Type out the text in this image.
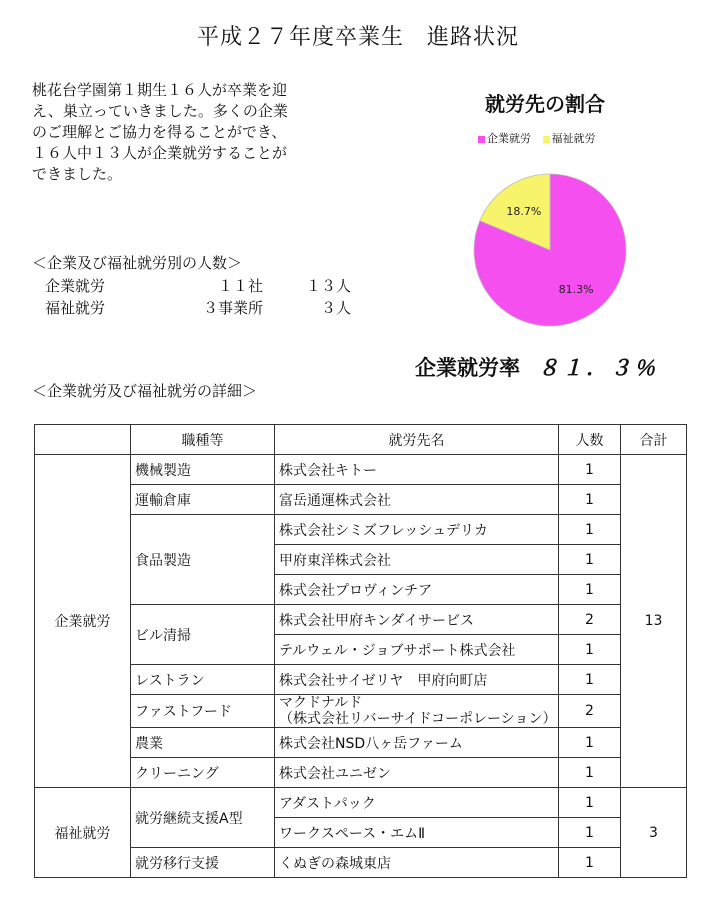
平成２７年度卒業生　進路状況
桃花台学園第１期生１６人が卒業を迎
え、巣立っていきました。多くの企業
のご理解とご協力を得ることができ、
１６人中１３人が企業就労することが
できました。
＜企業及び福祉就労別の人数＞
企業就労	１１社	１３人
福祉就労	３事業所	３人
就労先の割合
企業就労 福祉就労
81.3%
18.7%
企業就労率 ８１．３％
＜企業就労及び福祉就労の詳細＞
	職種等	就労先名	人数	合計
企業就労	機械製造	株式会社キトー	1	13
	運輸倉庫	富岳通運株式会社	1	
	食品製造	株式会社シミズフレッシュデリカ	1	
		甲府東洋株式会社	1	
		株式会社プロヴィンチア	1	
	ビル清掃	株式会社甲府キンダイサービス	2	
		テルウェル・ジョブサポート株式会社	1	
	レストラン	株式会社サイゼリヤ　甲府向町店	1	
	ファストフード	マクドナルド
（株式会社リバーサイドコーポレーション）	2	
	農業	株式会社NSD八ヶ岳ファーム	1	
	クリーニング	株式会社ユニゼン	1	
福祉就労	就労継続支援A型	アダストパック	1	3
		ワークスペース・エムⅡ	1	
	就労移行支援	くぬぎの森城東店	1	
